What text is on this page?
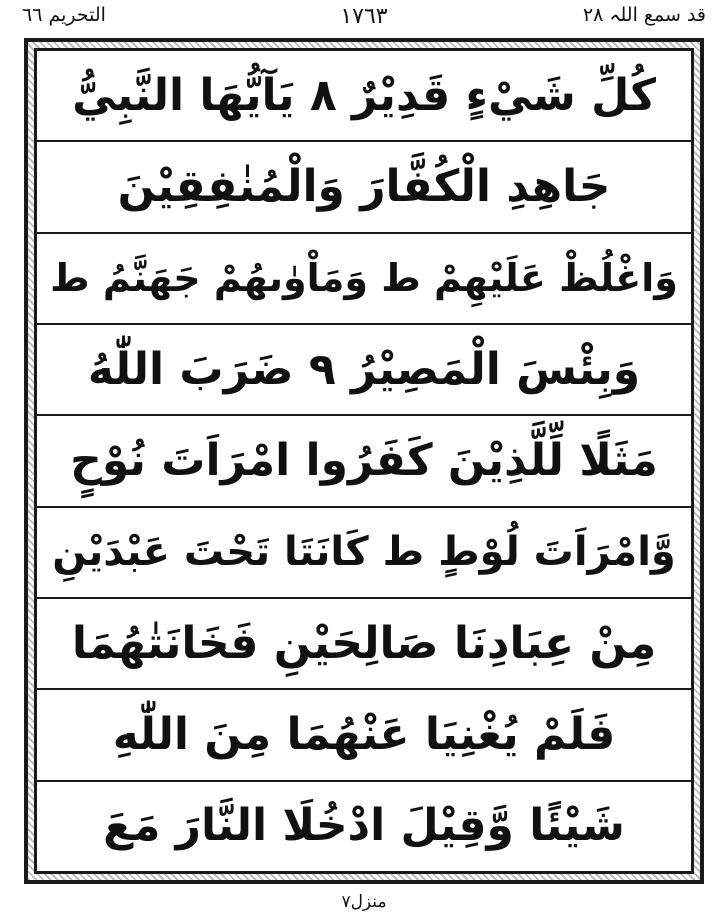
التحریم ٦٦	١٧٦٣	قد سمع اللہ ٢٨
كُلِّ شَيْءٍ قَدِيْرٌ ٨ يَآيُّهَا النَّبِيُّ
جَاهِدِ الْكُفَّارَ وَالْمُنٰفِقِيْنَ
وَاغْلُظْ عَلَيْهِمْ ط وَمَاْوٰىهُمْ جَهَنَّمُ ط
وَبِئْسَ الْمَصِيْرُ ٩ ضَرَبَ اللّٰهُ
مَثَلًا لِّلَّذِيْنَ كَفَرُوا امْرَاَتَ نُوْحٍ
وَّامْرَاَتَ لُوْطٍ ط كَانَتَا تَحْتَ عَبْدَيْنِ
مِنْ عِبَادِنَا صَالِحَيْنِ فَخَانَتٰهُمَا
فَلَمْ يُغْنِيَا عَنْهُمَا مِنَ اللّٰهِ
شَيْئًا وَّقِيْلَ ادْخُلَا النَّارَ مَعَ
منزل٧
